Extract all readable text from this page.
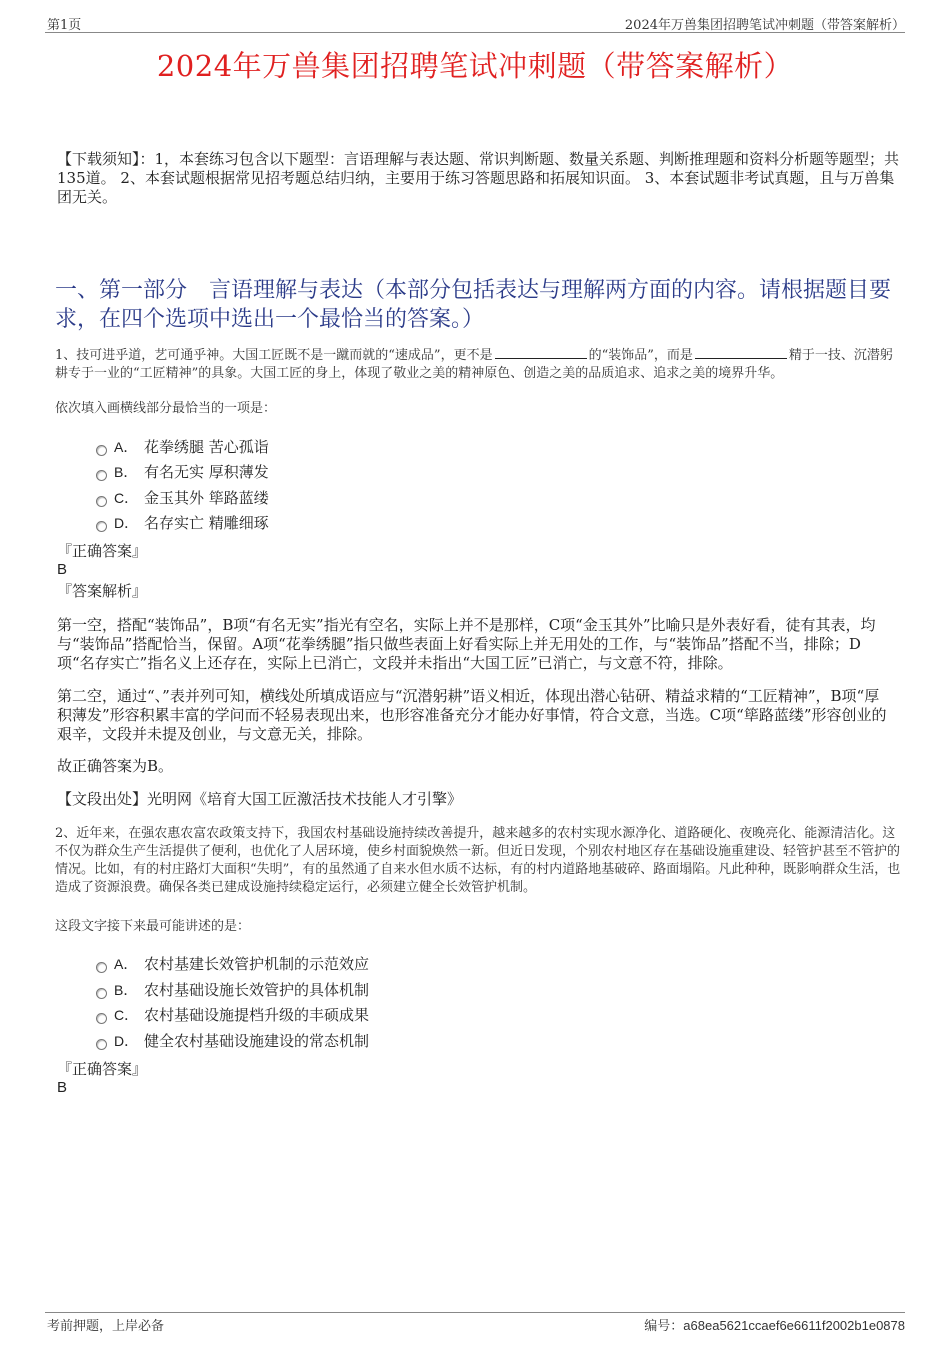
第1页	2024年万兽集团招聘笔试冲刺题（带答案解析）
2024年万兽集团招聘笔试冲刺题（带答案解析）
【下载须知】：1，本套练习包含以下题型：言语理解与表达题、常识判断题、数量关系题、判断推理题和资料分析题等题型；共135道。 2、本套试题根据常见招考题总结归纳，主要用于练习答题思路和拓展知识面。 3、本套试题非考试真题，且与万兽集团无关。
一、第一部分　言语理解与表达（本部分包括表达与理解两方面的内容。请根据题目要求，在四个选项中选出一个最恰当的答案。）
1、技可进乎道，艺可通乎神。大国工匠既不是一蹴而就的“速成品”，更不是	的“装饰品”，而是	精于一技、沉潜躬耕专于一业的“工匠精神”的具象。大国工匠的身上，体现了敬业之美的精神原色、创造之美的品质追求、追求之美的境界升华。
依次填入画横线部分最恰当的一项是：
A． 花拳绣腿 苦心孤诣
B． 有名无实 厚积薄发
C． 金玉其外 筚路蓝缕
D． 名存实亡 精雕细琢
『正确答案』
B
『答案解析』
第一空，搭配“装饰品”，B项“有名无实”指光有空名，实际上并不是那样，C项“金玉其外”比喻只是外表好看，徒有其表，均与“装饰品”搭配恰当，保留。A项“花拳绣腿”指只做些表面上好看实际上并无用处的工作，与“装饰品”搭配不当，排除；D项“名存实亡”指名义上还存在，实际上已消亡，文段并未指出“大国工匠”已消亡，与文意不符，排除。
第二空，通过“、”表并列可知，横线处所填成语应与“沉潜躬耕”语义相近，体现出潜心钻研、精益求精的“工匠精神”，B项“厚积薄发”形容积累丰富的学问而不轻易表现出来，也形容准备充分才能办好事情，符合文意，当选。C项“筚路蓝缕”形容创业的艰辛，文段并未提及创业，与文意无关，排除。
故正确答案为B。
【文段出处】光明网《培育大国工匠激活技术技能人才引擎》
2、近年来，在强农惠农富农政策支持下，我国农村基础设施持续改善提升，越来越多的农村实现水源净化、道路硬化、夜晚亮化、能源清洁化。这不仅为群众生产生活提供了便利，也优化了人居环境，使乡村面貌焕然一新。但近日发现，个别农村地区存在基础设施重建设、轻管护甚至不管护的情况。比如，有的村庄路灯大面积“失明”，有的虽然通了自来水但水质不达标，有的村内道路地基破碎、路面塌陷。凡此种种，既影响群众生活，也造成了资源浪费。确保各类已建成设施持续稳定运行，必须建立健全长效管护机制。
这段文字接下来最可能讲述的是：
A． 农村基建长效管护机制的示范效应
B． 农村基础设施长效管护的具体机制
C． 农村基础设施提档升级的丰硕成果
D． 健全农村基础设施建设的常态机制
『正确答案』
B
考前押题，上岸必备	编号：a68ea5621ccaef6e6611f2002b1e0878
